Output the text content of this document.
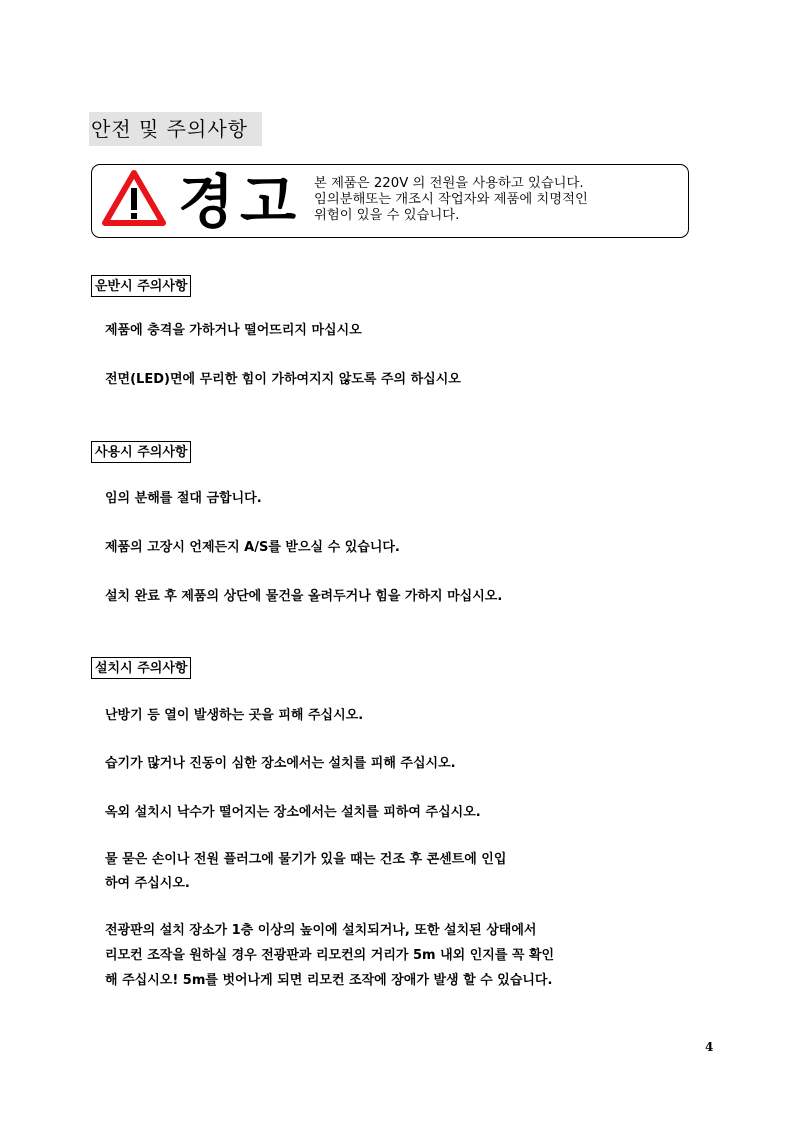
안전 및 주의사항
경고 본 제품은 220V 의 전원을 사용하고 있습니다.
임의분해또는 개조시 작업자와 제품에 치명적인
위험이 있을 수 있습니다.
운반시 주의사항
제품에 충격을 가하거나 떨어뜨리지 마십시오
전면(LED)면에 무리한 힘이 가하여지지 않도록 주의 하십시오
사용시 주의사항
임의 분해를 절대 금합니다.
제품의 고장시 언제든지 A/S를 받으실 수 있습니다.
설치 완료 후 제품의 상단에 물건을 올려두거나 힘을 가하지 마십시오.
설치시 주의사항
난방기 등 열이 발생하는 곳을 피해 주십시오.
습기가 많거나 진동이 심한 장소에서는 설치를 피해 주십시오.
옥외 설치시 낙수가 떨어지는 장소에서는 설치를 피하여 주십시오.
물 묻은 손이나 전원 플러그에 물기가 있을 때는 건조 후 콘센트에 인입
하여 주십시오.
전광판의 설치 장소가 1층 이상의 높이에 설치되거나, 또한 설치된 상태에서
리모컨 조작을 원하실 경우 전광판과 리모컨의 거리가 5m 내외 인지를 꼭 확인
해 주십시오! 5m를 벗어나게 되면 리모컨 조작에 장애가 발생 할 수 있습니다.
4
